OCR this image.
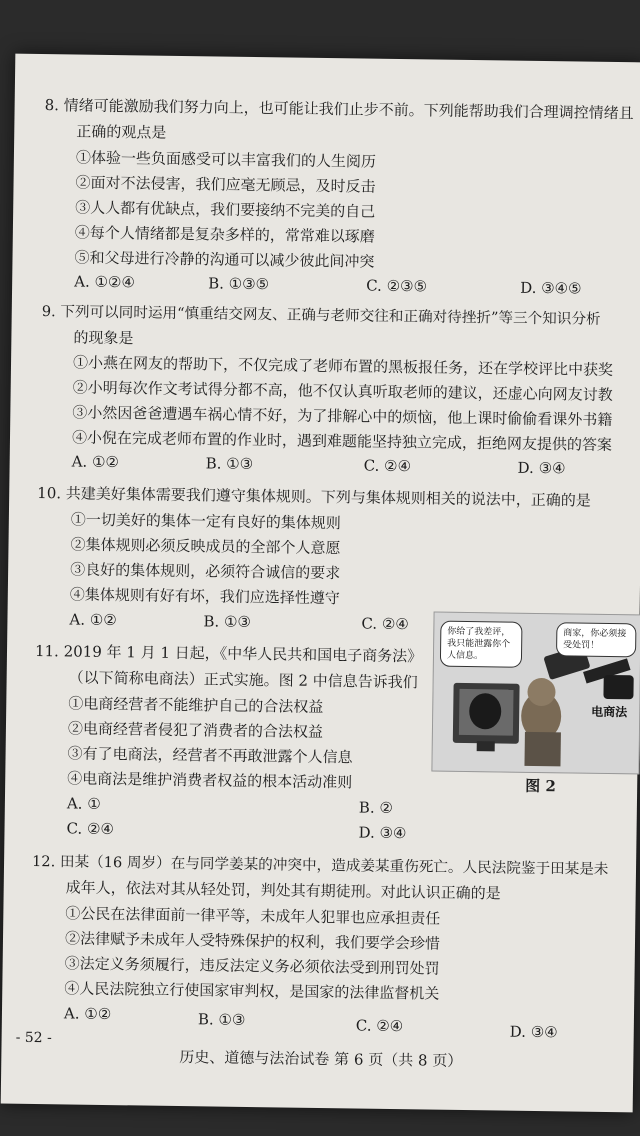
8. 情绪可能激励我们努力向上，也可能让我们止步不前。下列能帮助我们合理调控情绪且
正确的观点是
①体验一些负面感受可以丰富我们的人生阅历
②面对不法侵害，我们应毫无顾忌，及时反击
③人人都有优缺点，我们要接纳不完美的自己
④每个人情绪都是复杂多样的，常常难以琢磨
⑤和父母进行冷静的沟通可以减少彼此间冲突
A. ①②④	B. ①③⑤	C. ②③⑤	D. ③④⑤
9. 下列可以同时运用“慎重结交网友、正确与老师交往和正确对待挫折”等三个知识分析
的现象是
①小燕在网友的帮助下，不仅完成了老师布置的黑板报任务，还在学校评比中获奖
②小明每次作文考试得分都不高，他不仅认真听取老师的建议，还虚心向网友讨教
③小然因爸爸遭遇车祸心情不好，为了排解心中的烦恼，他上课时偷偷看课外书籍
④小倪在完成老师布置的作业时，遇到难题能坚持独立完成，拒绝网友提供的答案
A. ①②	B. ①③	C. ②④	D. ③④
10. 共建美好集体需要我们遵守集体规则。下列与集体规则相关的说法中，正确的是
①一切美好的集体一定有良好的集体规则
②集体规则必须反映成员的全部个人意愿
③良好的集体规则，必须符合诚信的要求
④集体规则有好有坏，我们应选择性遵守
A. ①②	B. ①③	C. ②④
11. 2019 年 1 月 1 日起，《中华人民共和国电子商务法》
（以下简称电商法）正式实施。图 2 中信息告诉我们
①电商经营者不能维护自己的合法权益
②电商经营者侵犯了消费者的合法权益
③有了电商法，经营者不再敢泄露个人信息
④电商法是维护消费者权益的根本活动准则
A. ①	B. ②
C. ②④	D. ③④
你给了我差评，我只能泄露你个人信息。
商家，你必须接受处罚！
电商法
图 2
12. 田某（16 周岁）在与同学姜某的冲突中，造成姜某重伤死亡。人民法院鉴于田某是未
成年人，依法对其从轻处罚，判处其有期徒刑。对此认识正确的是
①公民在法律面前一律平等，未成年人犯罪也应承担责任
②法律赋予未成年人受特殊保护的权利，我们要学会珍惜
③法定义务须履行，违反法定义务必须依法受到刑罚处罚
④人民法院独立行使国家审判权，是国家的法律监督机关
A. ①②	B. ①③	C. ②④	D. ③④
- 52 -
历史、道德与法治试卷 第 6 页（共 8 页）
